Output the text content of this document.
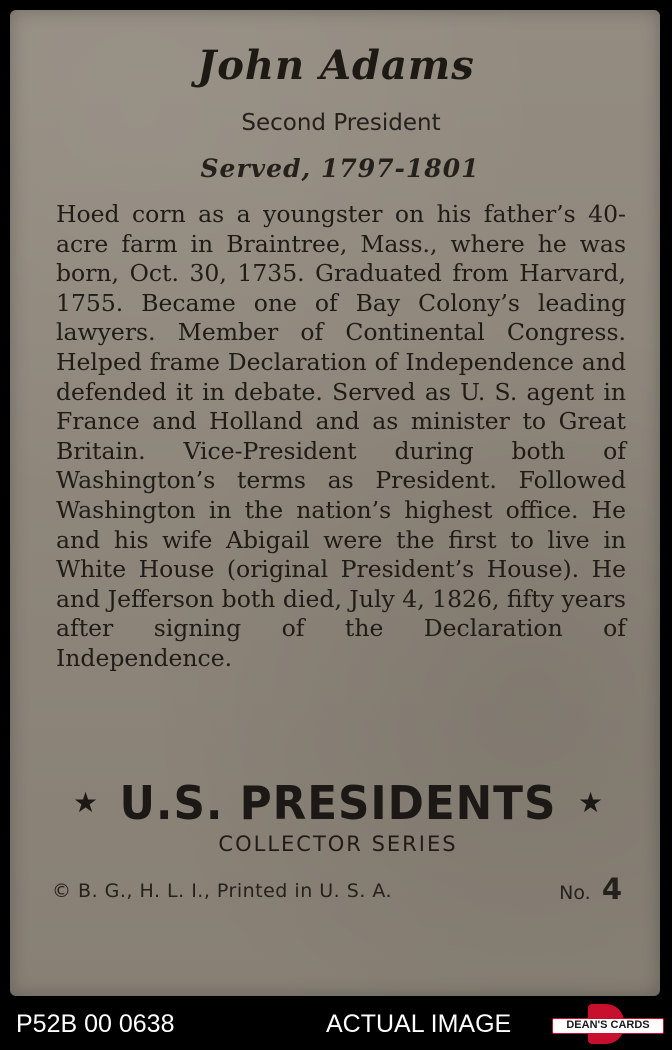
John Adams
Second President
Served, 1797-1801

Hoed corn as a youngster on his father’s 40-acre farm in Braintree, Mass., where he was born, Oct. 30, 1735. Graduated from Harvard, 1755. Became one of Bay Colony’s leading lawyers. Member of Continental Congress. Helped frame Declaration of Independence and defended it in debate. Served as U. S. agent in France and Holland and as minister to Great Britain. Vice-President during both of Washington’s terms as President. Followed Washington in the nation’s highest office. He and his wife Abigail were the first to live in White House (original President’s House). He and Jefferson both died, July 4, 1826, fifty years after signing of the Declaration of Independence.

★ U.S. PRESIDENTS ★
COLLECTOR SERIES
© B. G., H. L. I., Printed in U. S. A.	No. 4
P52B 00 0638	ACTUAL IMAGE	DEAN'S CARDS
